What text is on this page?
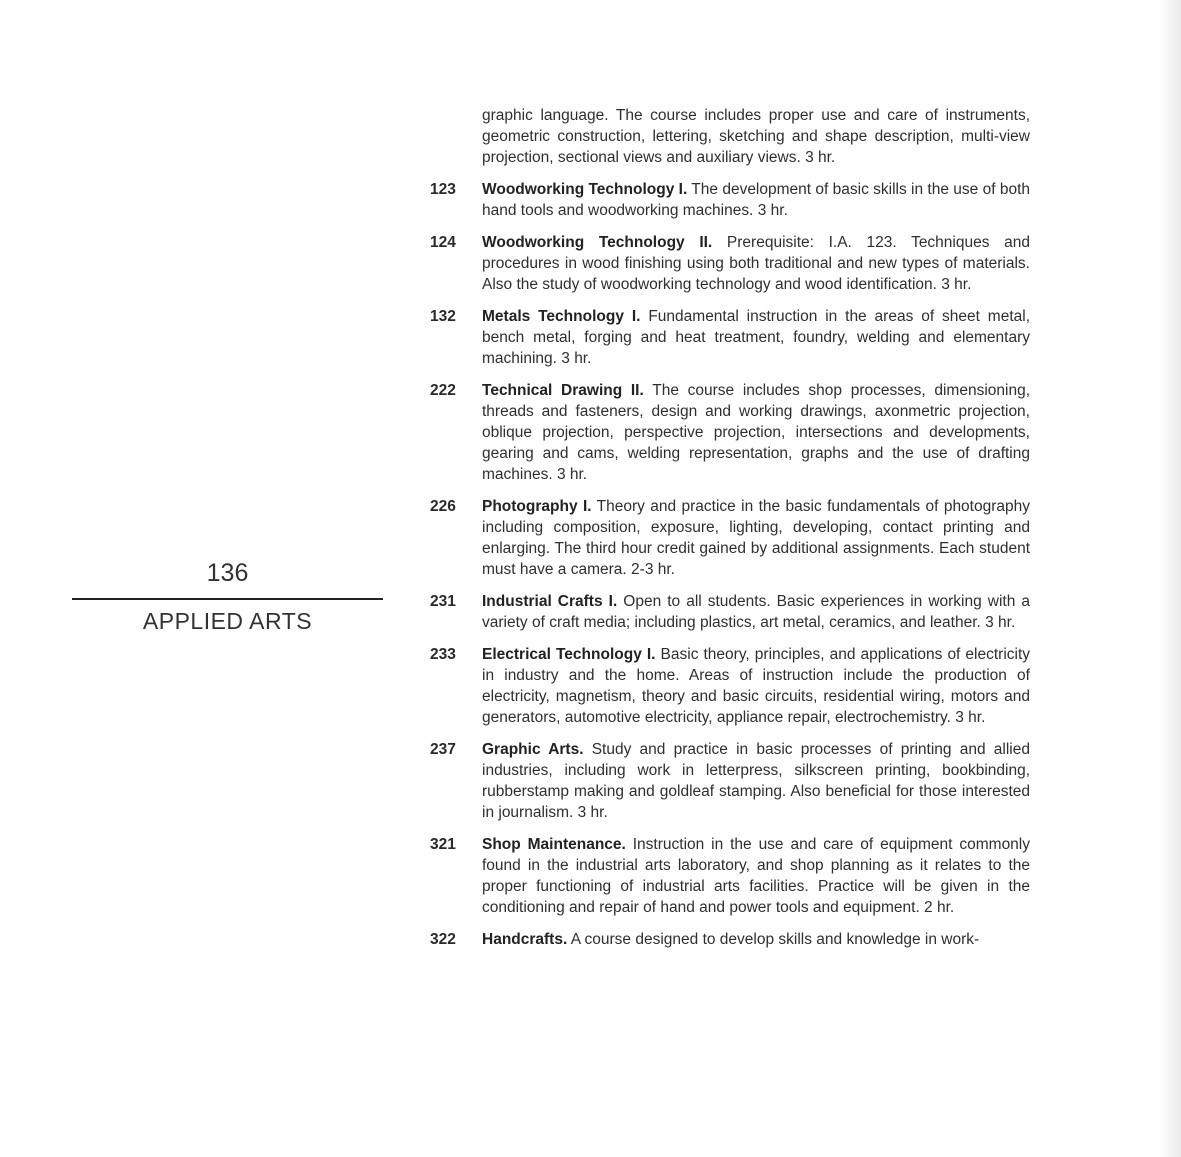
136
APPLIED ARTS
graphic language. The course includes proper use and care of instruments, geometric construction, lettering, sketching and shape description, multi-view projection, sectional views and auxiliary views. 3 hr.
123	Woodworking Technology I. The development of basic skills in the use of both hand tools and woodworking machines. 3 hr.
124	Woodworking Technology II. Prerequisite: I.A. 123. Techniques and procedures in wood finishing using both traditional and new types of materials. Also the study of woodworking technology and wood identification. 3 hr.
132	Metals Technology I. Fundamental instruction in the areas of sheet metal, bench metal, forging and heat treatment, foundry, welding and elementary machining. 3 hr.
222	Technical Drawing II. The course includes shop processes, dimensioning, threads and fasteners, design and working drawings, axonmetric projection, oblique projection, perspective projection, intersections and developments, gearing and cams, welding representation, graphs and the use of drafting machines. 3 hr.
226	Photography I. Theory and practice in the basic fundamentals of photography including composition, exposure, lighting, developing, contact printing and enlarging. The third hour credit gained by additional assignments. Each student must have a camera. 2-3 hr.
231	Industrial Crafts I. Open to all students. Basic experiences in working with a variety of craft media; including plastics, art metal, ceramics, and leather. 3 hr.
233	Electrical Technology I. Basic theory, principles, and applications of electricity in industry and the home. Areas of instruction include the production of electricity, magnetism, theory and basic circuits, residential wiring, motors and generators, automotive electricity, appliance repair, electrochemistry. 3 hr.
237	Graphic Arts. Study and practice in basic processes of printing and allied industries, including work in letterpress, silkscreen printing, bookbinding, rubberstamp making and goldleaf stamping. Also beneficial for those interested in journalism. 3 hr.
321	Shop Maintenance. Instruction in the use and care of equipment commonly found in the industrial arts laboratory, and shop planning as it relates to the proper functioning of industrial arts facilities. Practice will be given in the conditioning and repair of hand and power tools and equipment. 2 hr.
322	Handcrafts. A course designed to develop skills and knowledge in work-
